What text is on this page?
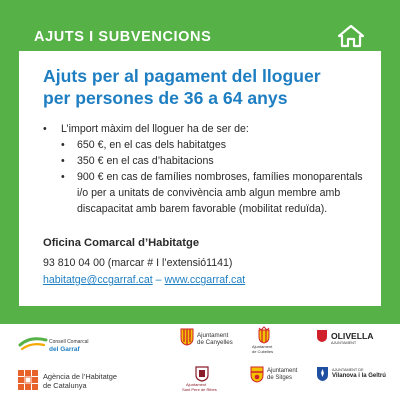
AJUTS I SUBVENCIONS
Ajuts per al pagament del lloguer
per persones de 36 a 64 anys
• L’import màxim del lloguer ha de ser de:
• 650 €, en el cas dels habitatges
• 350 € en el cas d’habitacions
• 900 € en cas de famílies nombroses, famílies monoparentals i/o per a unitats de convivència amb algun membre amb discapacitat amb barem favorable (mobilitat reduïda).
Oficina Comarcal d’Habitatge
93 810 04 00 (marcar # I l’extensió1141)
habitatge@ccgarraf.cat – www.ccgarraf.cat
Consell Comarcal
del Garraf
Agència de l’Habitatge
de Catalunya
Ajuntament
de Canyelles
Ajuntament
de Cubelles
OLIVELLA
AJUNTAMENT
Ajuntament
Sant Pere de Ribes
Ajuntament
de Sitges
AJUNTAMENT DE
Vilanova i la Geltrú
